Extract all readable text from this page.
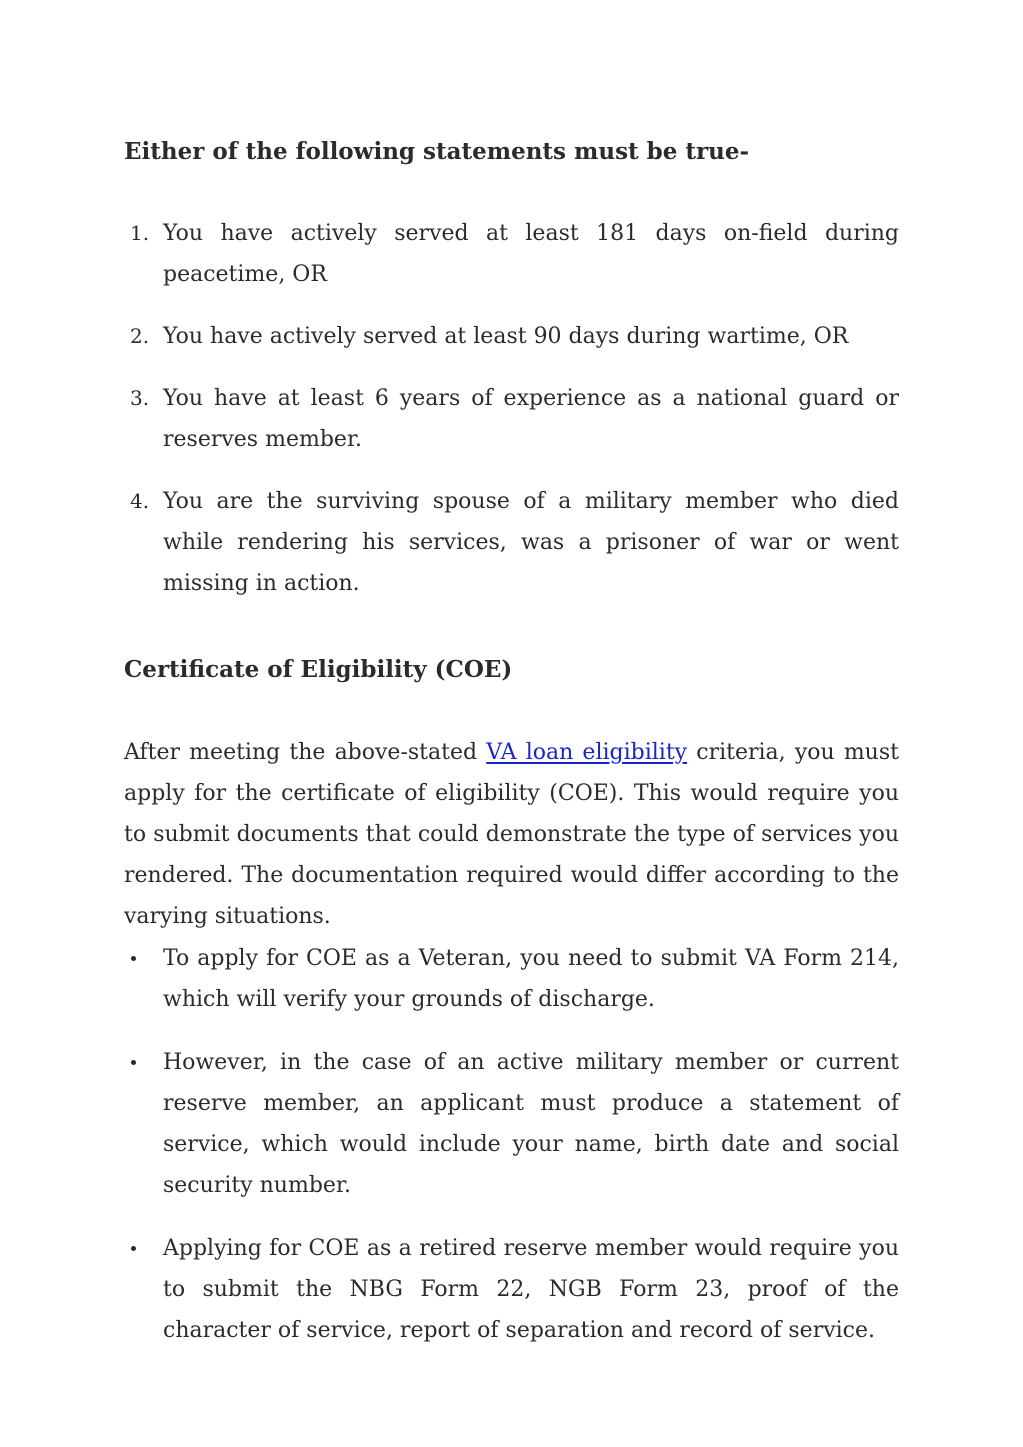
Either of the following statements must be true-
1. You have actively served at least 181 days on-field during peacetime, OR
2. You have actively served at least 90 days during wartime, OR
3. You have at least 6 years of experience as a national guard or reserves member.
4. You are the surviving spouse of a military member who died while rendering his services, was a prisoner of war or went missing in action.
Certificate of Eligibility (COE)

After meeting the above-stated VA loan eligibility criteria, you must apply for the certificate of eligibility (COE). This would require you to submit documents that could demonstrate the type of services you rendered. The documentation required would differ according to the varying situations.

To apply for COE as a Veteran, you need to submit VA Form 214, which will verify your grounds of discharge.
However, in the case of an active military member or current reserve member, an applicant must produce a statement of service, which would include your name, birth date and social security number.
Applying for COE as a retired reserve member would require you to submit the NBG Form 22, NGB Form 23, proof of the character of service, report of separation and record of service.
